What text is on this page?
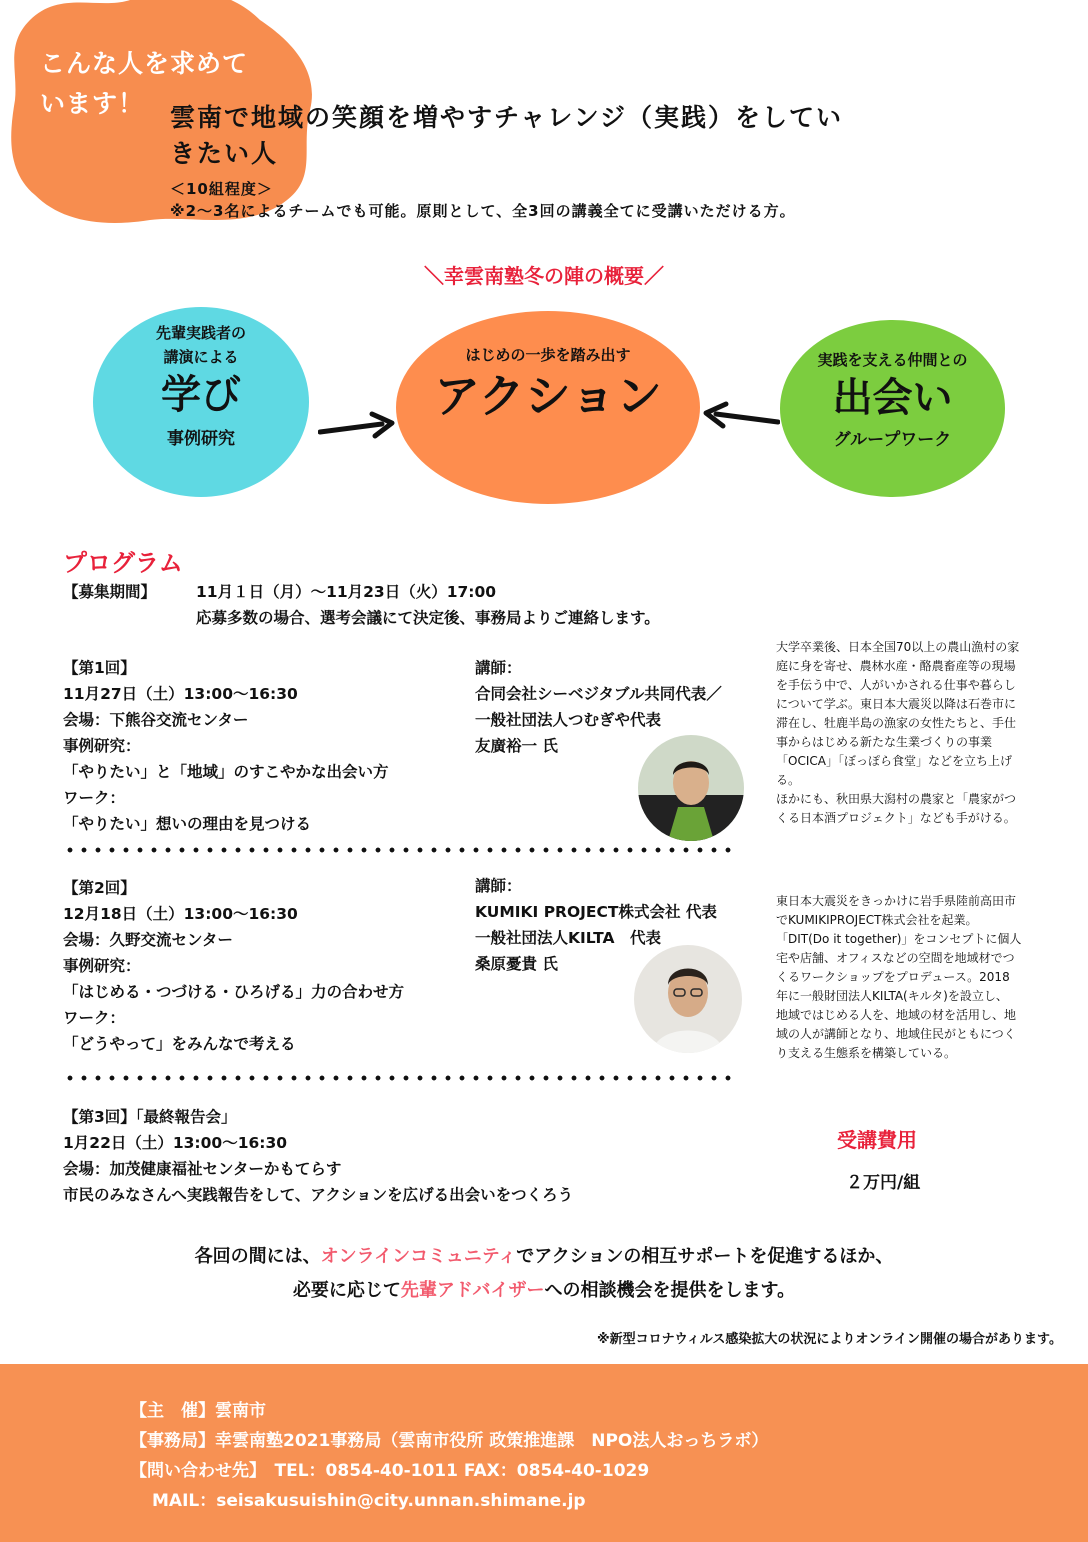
こんな人を求めて
います！	雲南で地域の笑顔を増やすチャレンジ（実践）をしてい
きたい人
＜10組程度＞
※2～3名によるチームでも可能。原則として、全3回の講義全てに受講いただける方。
＼幸雲南塾冬の陣の概要／
先輩実践者の
講演による
学び
事例研究
はじめの一歩を踏み出す
アクション
実践を支える仲間との
出会い
グループワーク
プログラム
【募集期間】	11月１日（月）～11月23日（火）17:00
応募多数の場合、選考会議にて決定後、事務局よりご連絡します。
【第1回】
11月27日（土）13:00～16:30
会場：下熊谷交流センター
事例研究：
「やりたい」と「地域」のすこやかな出会い方
ワーク：
「やりたい」想いの理由を見つける
講師：
合同会社シーベジタブル共同代表／
一般社団法人つむぎや代表
友廣裕一 氏
大学卒業後、日本全国70以上の農山漁村の家
庭に身を寄せ、農林水産・酪農畜産等の現場
を手伝う中で、人がいかされる仕事や暮らし
について学ぶ。東日本大震災以降は石巻市に
滞在し、牡鹿半島の漁家の女性たちと、手仕
事からはじめる新たな生業づくりの事業
「OCICA」「ぼっぽら食堂」などを立ち上げ
る。
ほかにも、秋田県大潟村の農家と「農家がつ
くる日本酒プロジェクト」なども手がける。
【第2回】
12月18日（土）13:00～16:30
会場：久野交流センター
事例研究：
「はじめる・つづける・ひろげる」力の合わせ方
ワーク：
「どうやって」をみんなで考える
講師：
KUMIKI PROJECT株式会社 代表
一般社団法人KILTA　代表
桑原憂貴 氏
東日本大震災をきっかけに岩手県陸前高田市
でKUMIKIPROJECT株式会社を起業。
「DIT(Do it together)」をコンセプトに個人
宅や店舗、オフィスなどの空間を地域材でつ
くるワークショップをプロデュース。2018
年に一般財団法人KILTA(キルタ)を設立し、
地域ではじめる人を、地域の材を活用し、地
域の人が講師となり、地域住民がともにつく
り支える生態系を構築している。
【第3回】「最終報告会」
1月22日（土）13:00～16:30
会場：加茂健康福祉センターかもてらす
市民のみなさんへ実践報告をして、アクションを広げる出会いをつくろう
受講費用
２万円/組
各回の間には、オンラインコミュニティでアクションの相互サポートを促進するほか、
必要に応じて先輩アドバイザーへの相談機会を提供をします。
※新型コロナウィルス感染拡大の状況によりオンライン開催の場合があります。
【主　催】雲南市
【事務局】幸雲南塾2021事務局（雲南市役所 政策推進課　NPO法人おっちラボ）
【問い合わせ先】　TEL：0854-40-1011 FAX：0854-40-1029
MAIL：seisakusuishin@city.unnan.shimane.jp
